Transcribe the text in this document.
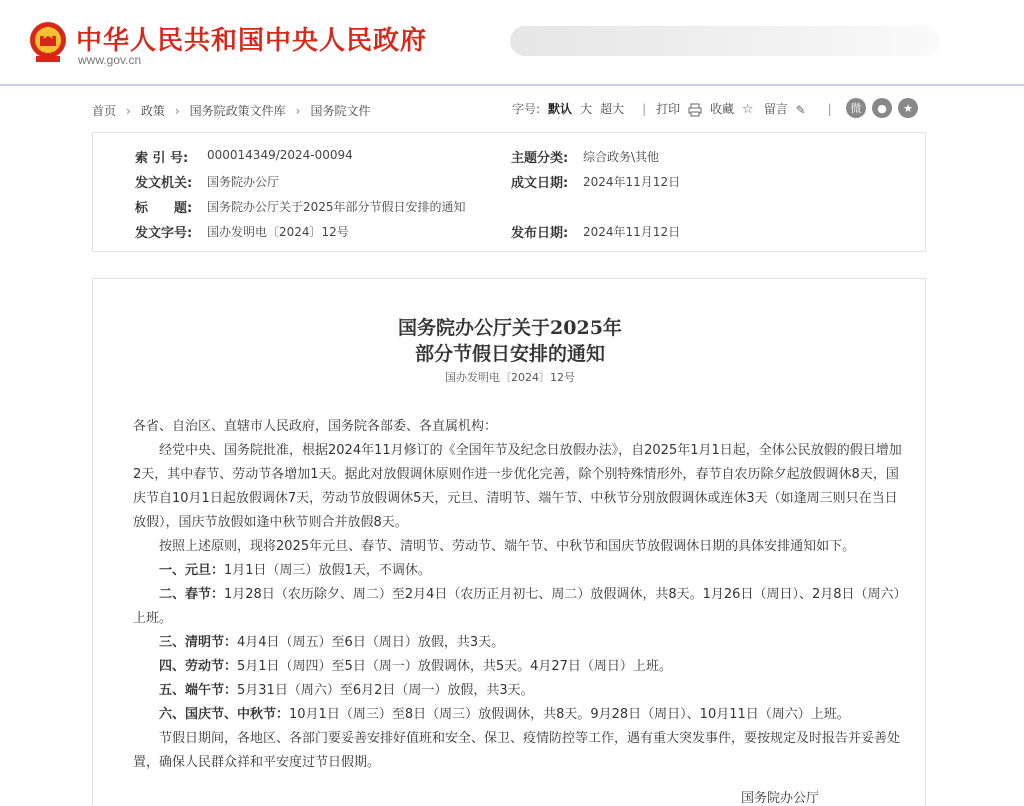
中华人民共和国中央人民政府
www.gov.cn
首页 › 政策 › 国务院政策文件库 › 国务院文件	字号: 默认 大 超大 | 打印	收藏 ☆ 留言 ✎	|	微	●	★
索 引 号: 000014349/2024-00094	主题分类: 综合政务\其他
发文机关: 国务院办公厅	成文日期: 2024年11月12日
标　　题: 国务院办公厅关于2025年部分节假日安排的通知
发文字号: 国办发明电〔2024〕12号	发布日期: 2024年11月12日
国务院办公厅关于2025年
部分节假日安排的通知
国办发明电〔2024〕12号

各省、自治区、直辖市人民政府，国务院各部委、各直属机构：

经党中央、国务院批准，根据2024年11月修订的《全国年节及纪念日放假办法》，自2025年1月1日起，全体公民放假的假日增加2天，其中春节、劳动节各增加1天。据此对放假调休原则作进一步优化完善，除个别特殊情形外，春节自农历除夕起放假调休8天，国庆节自10月1日起放假调休7天，劳动节放假调休5天，元旦、清明节、端午节、中秋节分别放假调休或连休3天（如逢周三则只在当日放假），国庆节放假如逢中秋节则合并放假8天。

按照上述原则，现将2025年元旦、春节、清明节、劳动节、端午节、中秋节和国庆节放假调休日期的具体安排通知如下。

一、元旦：1月1日（周三）放假1天，不调休。

二、春节：1月28日（农历除夕、周二）至2月4日（农历正月初七、周二）放假调休，共8天。1月26日（周日）、2月8日（周六）上班。

三、清明节：4月4日（周五）至6日（周日）放假，共3天。

四、劳动节：5月1日（周四）至5日（周一）放假调休，共5天。4月27日（周日）上班。

五、端午节：5月31日（周六）至6月2日（周一）放假，共3天。

六、国庆节、中秋节：10月1日（周三）至8日（周三）放假调休，共8天。9月28日（周日）、10月11日（周六）上班。

节假日期间，各地区、各部门要妥善安排好值班和安全、保卫、疫情防控等工作，遇有重大突发事件，要按规定及时报告并妥善处置，确保人民群众祥和平安度过节日假期。

国务院办公厅
